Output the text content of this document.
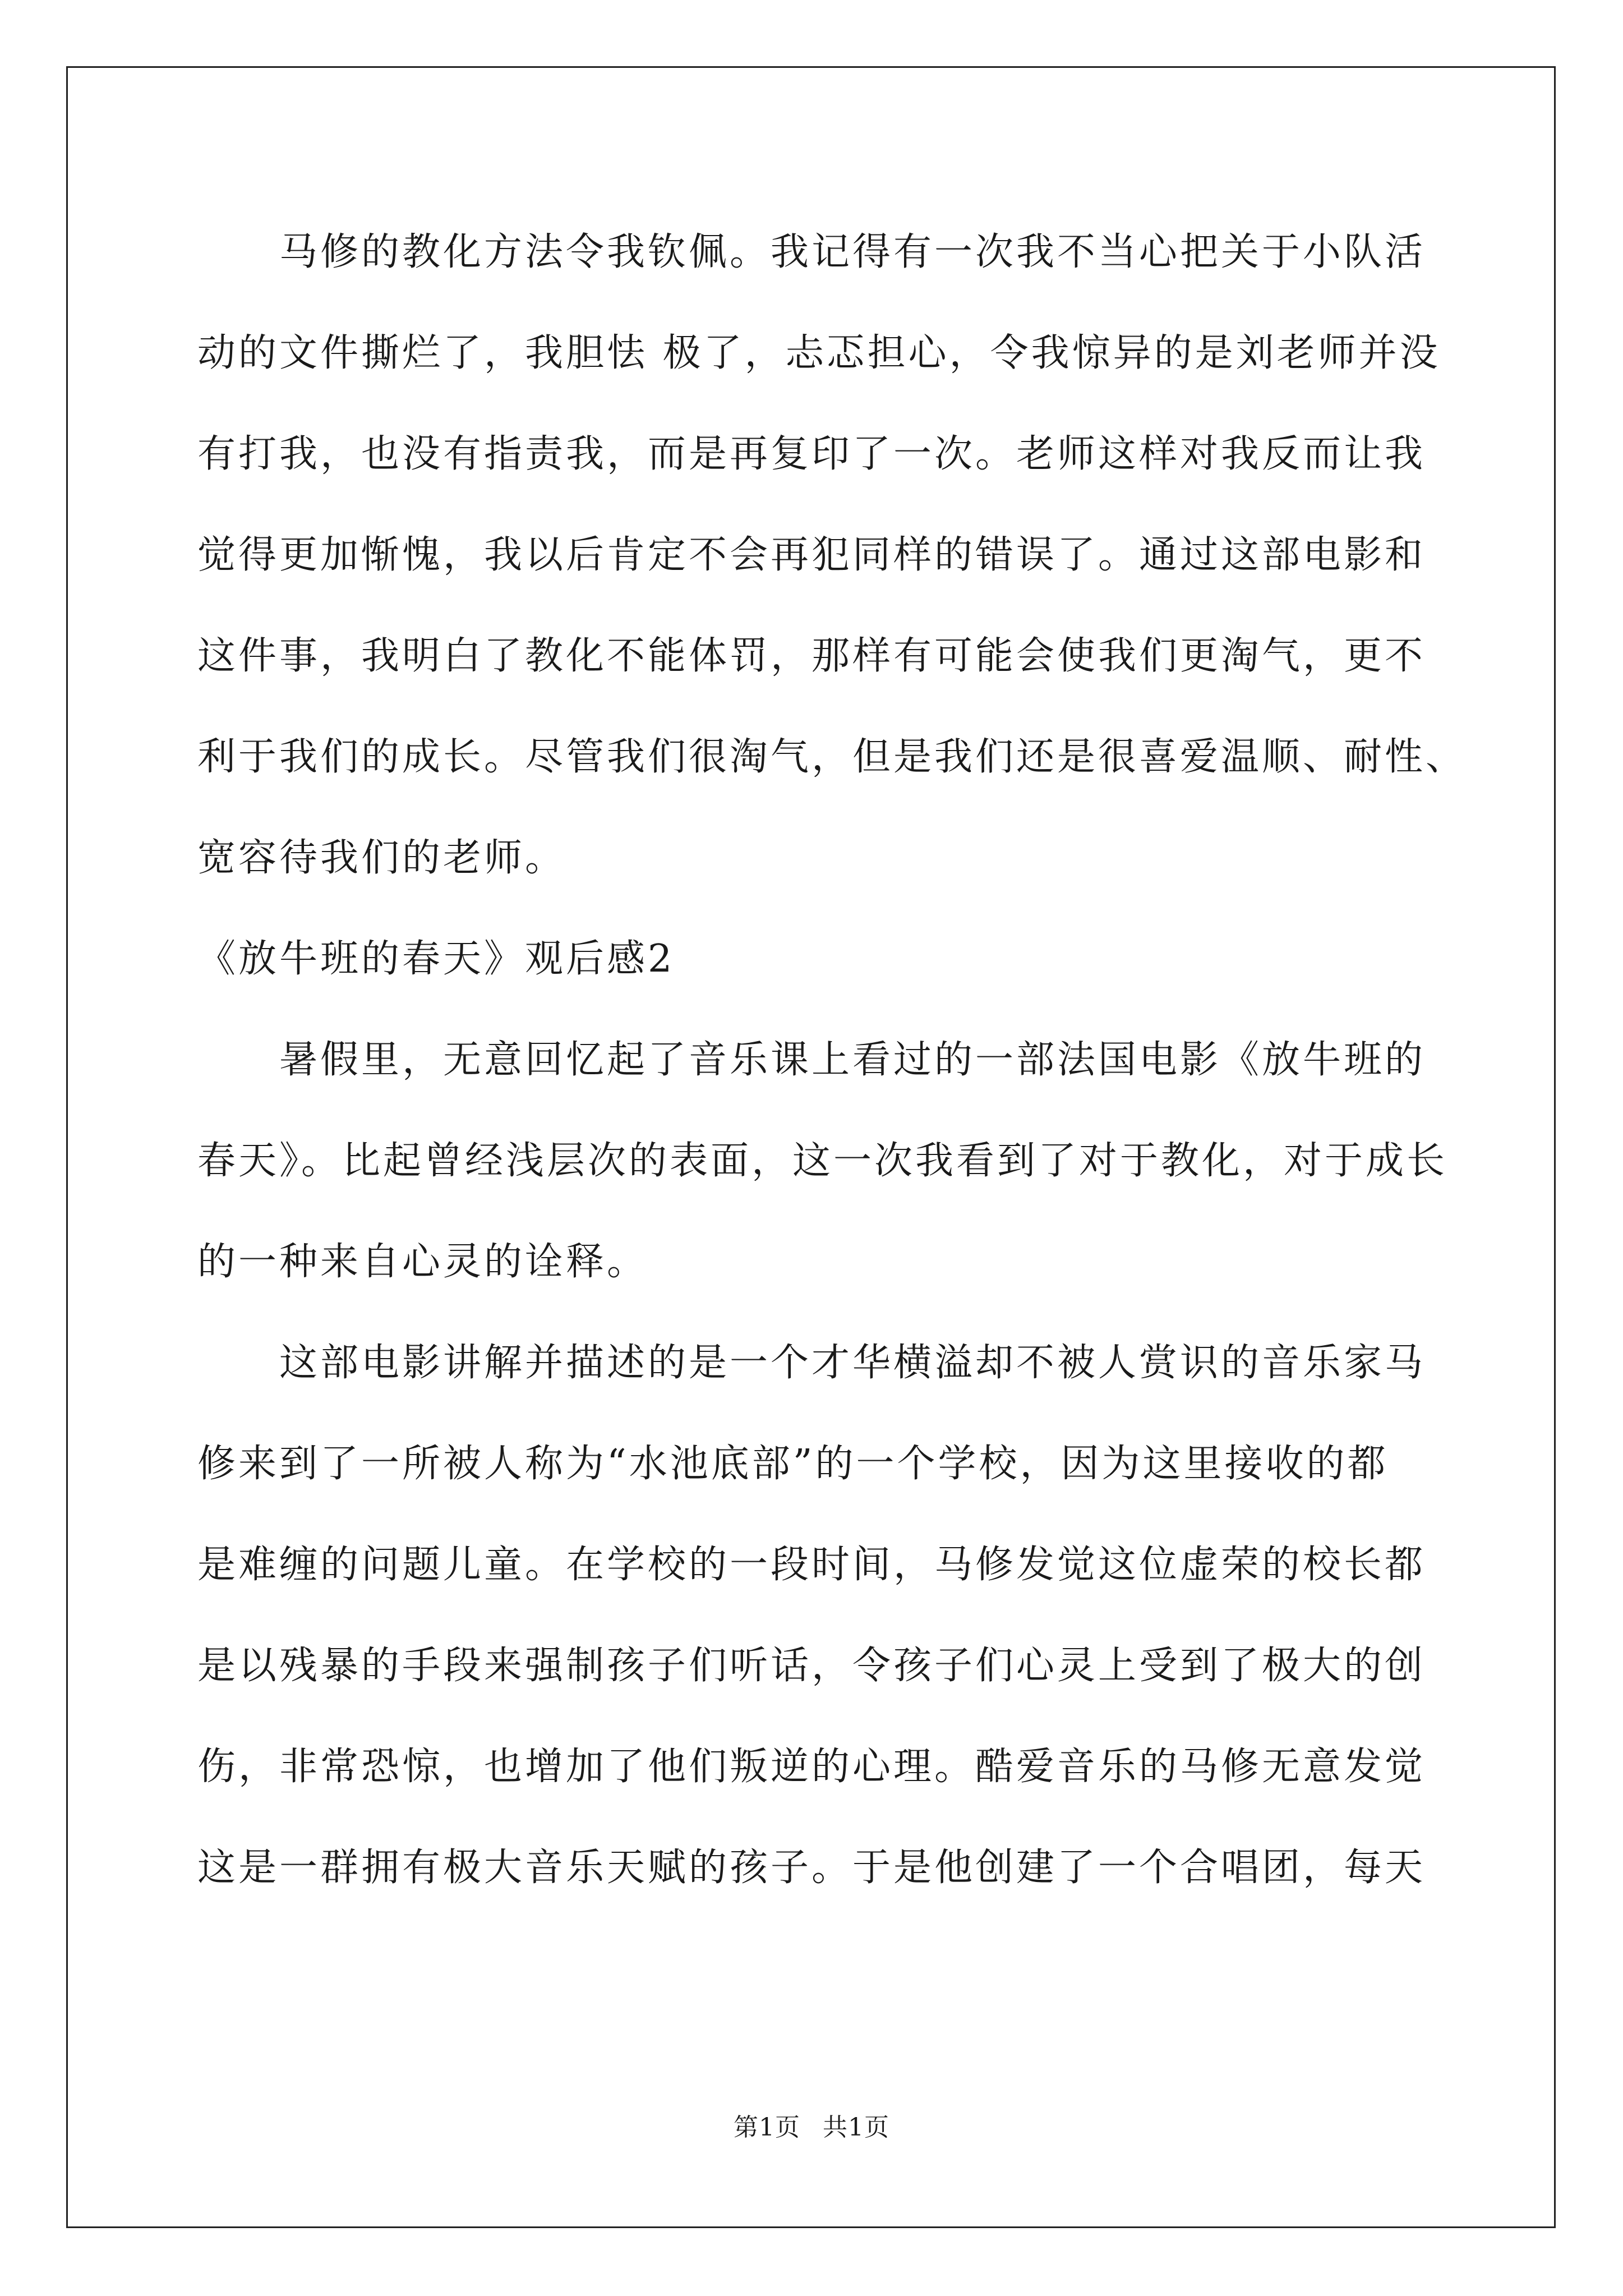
马修的教化方法令我钦佩。我记得有一次我不当心把关于小队活
动的文件撕烂了，我胆怯 极了，忐忑担心，令我惊异的是刘老师并没
有打我，也没有指责我，而是再复印了一次。老师这样对我反而让我
觉得更加惭愧，我以后肯定不会再犯同样的错误了。通过这部电影和
这件事，我明白了教化不能体罚，那样有可能会使我们更淘气，更不
利于我们的成长。尽管我们很淘气，但是我们还是很喜爱温顺、耐性、
宽容待我们的老师。
《放牛班的春天》观后感2
暑假里，无意回忆起了音乐课上看过的一部法国电影《放牛班的
春天》。比起曾经浅层次的表面，这一次我看到了对于教化，对于成长
的一种来自心灵的诠释。
这部电影讲解并描述的是一个才华横溢却不被人赏识的音乐家马
修来到了一所被人称为“水池底部”的一个学校，因为这里接收的都
是难缠的问题儿童。在学校的一段时间，马修发觉这位虚荣的校长都
是以残暴的手段来强制孩子们听话，令孩子们心灵上受到了极大的创
伤，非常恐惊，也增加了他们叛逆的心理。酷爱音乐的马修无意发觉
这是一群拥有极大音乐天赋的孩子。于是他创建了一个合唱团，每天
第1页 共1页
